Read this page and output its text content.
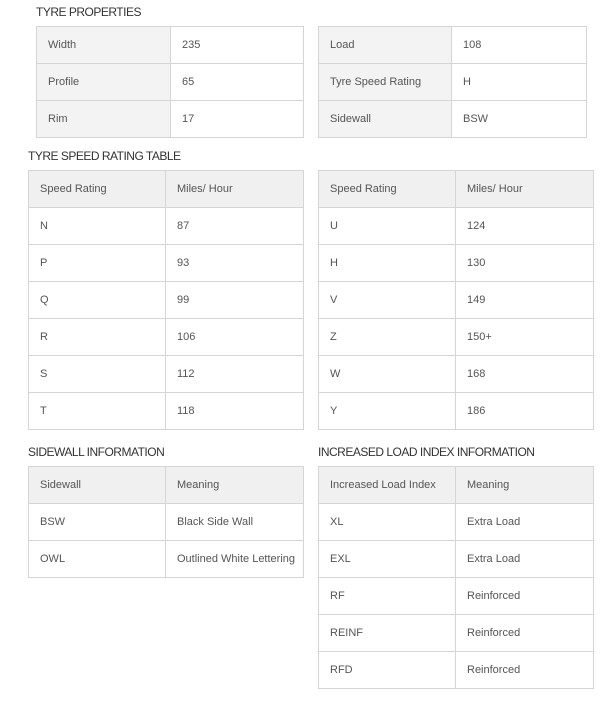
TYRE PROPERTIES
Width	235
Profile	65
Rim	17
Load	108
Tyre Speed Rating	H
Sidewall	BSW
TYRE SPEED RATING TABLE
Speed Rating	Miles/ Hour
N	87
P	93
Q	99
R	106
S	112
T	118
Speed Rating	Miles/ Hour
U	124
H	130
V	149
Z	150+
W	168
Y	186
SIDEWALL INFORMATION
Sidewall	Meaning
BSW	Black Side Wall
OWL	Outlined White Lettering
INCREASED LOAD INDEX INFORMATION
Increased Load Index	Meaning
XL	Extra Load
EXL	Extra Load
RF	Reinforced
REINF	Reinforced
RFD	Reinforced
